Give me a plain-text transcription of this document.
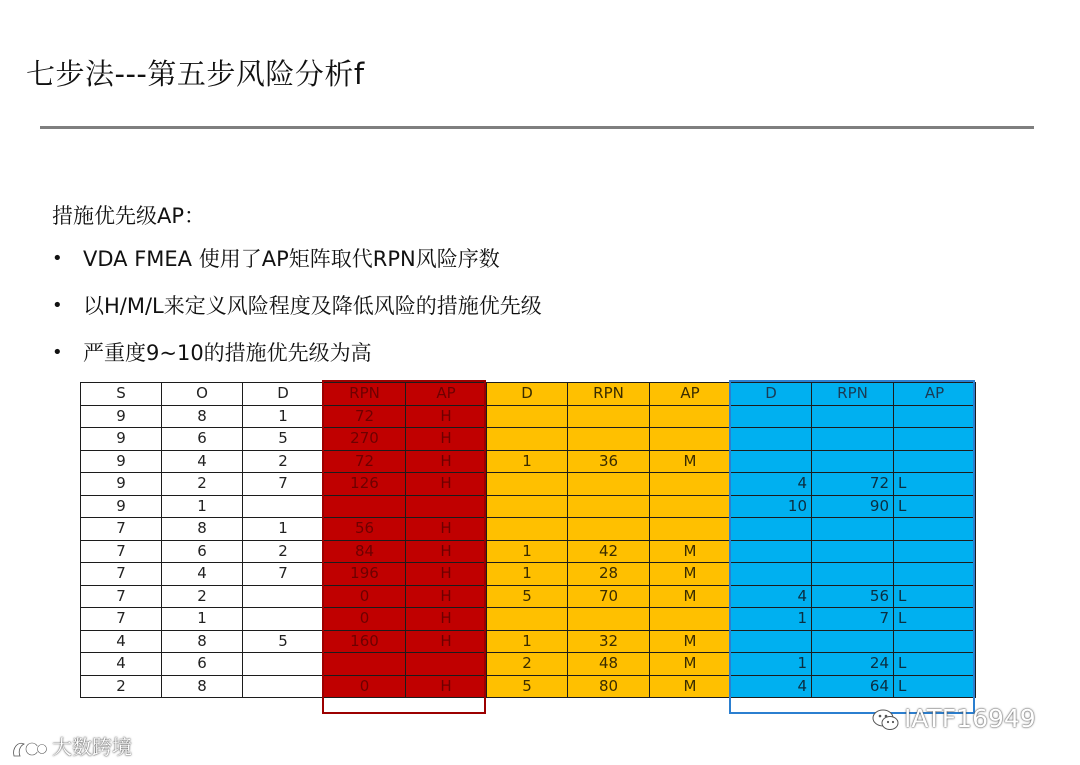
七步法---第五步风险分析f
措施优先级AP：
• VDA FMEA 使用了AP矩阵取代RPN风险序数
• 以H/M/L来定义风险程度及降低风险的措施优先级
• 严重度9~10的措施优先级为高
S	O	D	RPN	AP	D	RPN	AP	D	RPN	AP
9	8	1	72	H						
9	6	5	270	H						
9	4	2	72	H	1	36	M			
9	2	7	126	H				4	72	L
9	1							10	90	L
7	8	1	56	H						
7	6	2	84	H	1	42	M			
7	4	7	196	H	1	28	M			
7	2		0	H	5	70	M	4	56	L
7	1		0	H				1	7	L
4	8	5	160	H	1	32	M			
4	6				2	48	M	1	24	L
2	8		0	H	5	80	M	4	64	L
IATF16949
大数跨境
